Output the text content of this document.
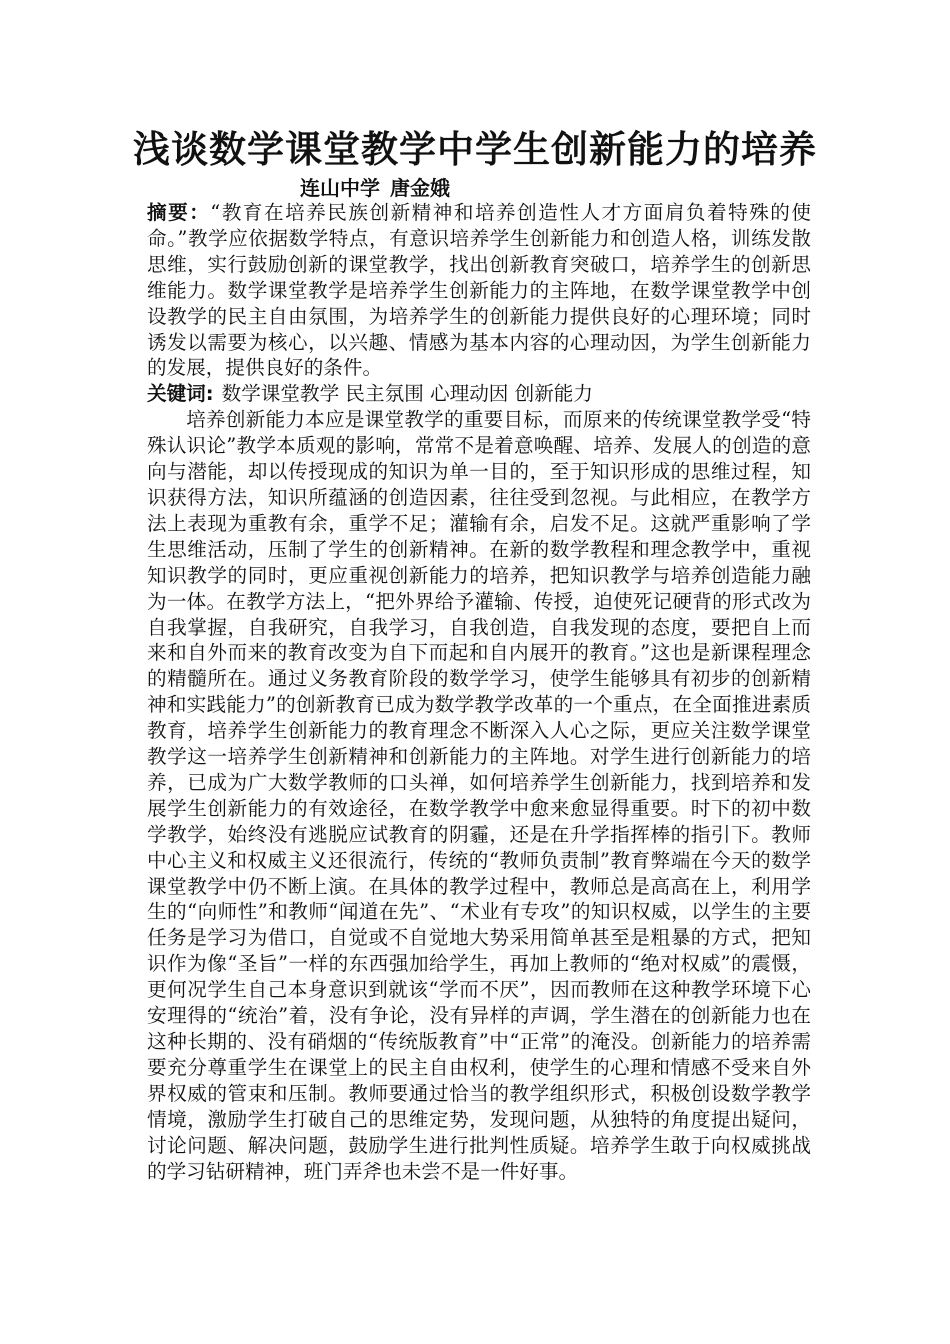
浅谈数学课堂教学中学生创新能力的培养
连山中学 唐金娥

摘要：“教育在培养民族创新精神和培养创造性人才方面肩负着特殊的使命。”教学应依据数学特点，有意识培养学生创新能力和创造人格，训练发散思维，实行鼓励创新的课堂教学，找出创新教育突破口，培养学生的创新思维能力。数学课堂教学是培养学生创新能力的主阵地，在数学课堂教学中创设教学的民主自由氛围，为培养学生的创新能力提供良好的心理环境；同时诱发以需要为核心，以兴趣、情感为基本内容的心理动因，为学生创新能力的发展，提供良好的条件。

关键词: 数学课堂教学 民主氛围 心理动因 创新能力

培养创新能力本应是课堂教学的重要目标，而原来的传统课堂教学受“特殊认识论”教学本质观的影响，常常不是着意唤醒、培养、发展人的创造的意向与潜能，却以传授现成的知识为单一目的，至于知识形成的思维过程，知识获得方法，知识所蕴涵的创造因素，往往受到忽视。与此相应，在教学方法上表现为重教有余，重学不足；灌输有余，启发不足。这就严重影响了学生思维活动，压制了学生的创新精神。在新的数学教程和理念教学中，重视知识教学的同时，更应重视创新能力的培养，把知识教学与培养创造能力融为一体。在教学方法上，“把外界给予灌输、传授，迫使死记硬背的形式改为自我掌握，自我研究，自我学习，自我创造，自我发现的态度，要把自上而来和自外而来的教育改变为自下而起和自内展开的教育。”这也是新课程理念的精髓所在。通过义务教育阶段的数学学习，使学生能够具有初步的创新精神和实践能力”的创新教育已成为数学教学改革的一个重点，在全面推进素质教育，培养学生创新能力的教育理念不断深入人心之际，更应关注数学课堂教学这一培养学生创新精神和创新能力的主阵地。对学生进行创新能力的培养，已成为广大数学教师的口头禅，如何培养学生创新能力，找到培养和发展学生创新能力的有效途径，在数学教学中愈来愈显得重要。时下的初中数学教学，始终没有逃脱应试教育的阴霾，还是在升学指挥棒的指引下。教师中心主义和权威主义还很流行，传统的“教师负责制”教育弊端在今天的数学课堂教学中仍不断上演。在具体的教学过程中，教师总是高高在上，利用学生的“向师性”和教师“闻道在先”、“术业有专攻”的知识权威，以学生的主要任务是学习为借口，自觉或不自觉地大势采用简单甚至是粗暴的方式，把知识作为像“圣旨”一样的东西强加给学生，再加上教师的“绝对权威”的震慑，更何况学生自己本身意识到就该“学而不厌”，因而教师在这种教学环境下心安理得的“统治”着，没有争论，没有异样的声调，学生潜在的创新能力也在这种长期的、没有硝烟的“传统版教育”中“正常”的淹没。创新能力的培养需要充分尊重学生在课堂上的民主自由权利，使学生的心理和情感不受来自外界权威的管束和压制。教师要通过恰当的教学组织形式，积极创设数学教学情境，激励学生打破自己的思维定势，发现问题，从独特的角度提出疑问，讨论问题、解决问题，鼓励学生进行批判性质疑。培养学生敢于向权威挑战的学习钻研精神，班门弄斧也未尝不是一件好事。
